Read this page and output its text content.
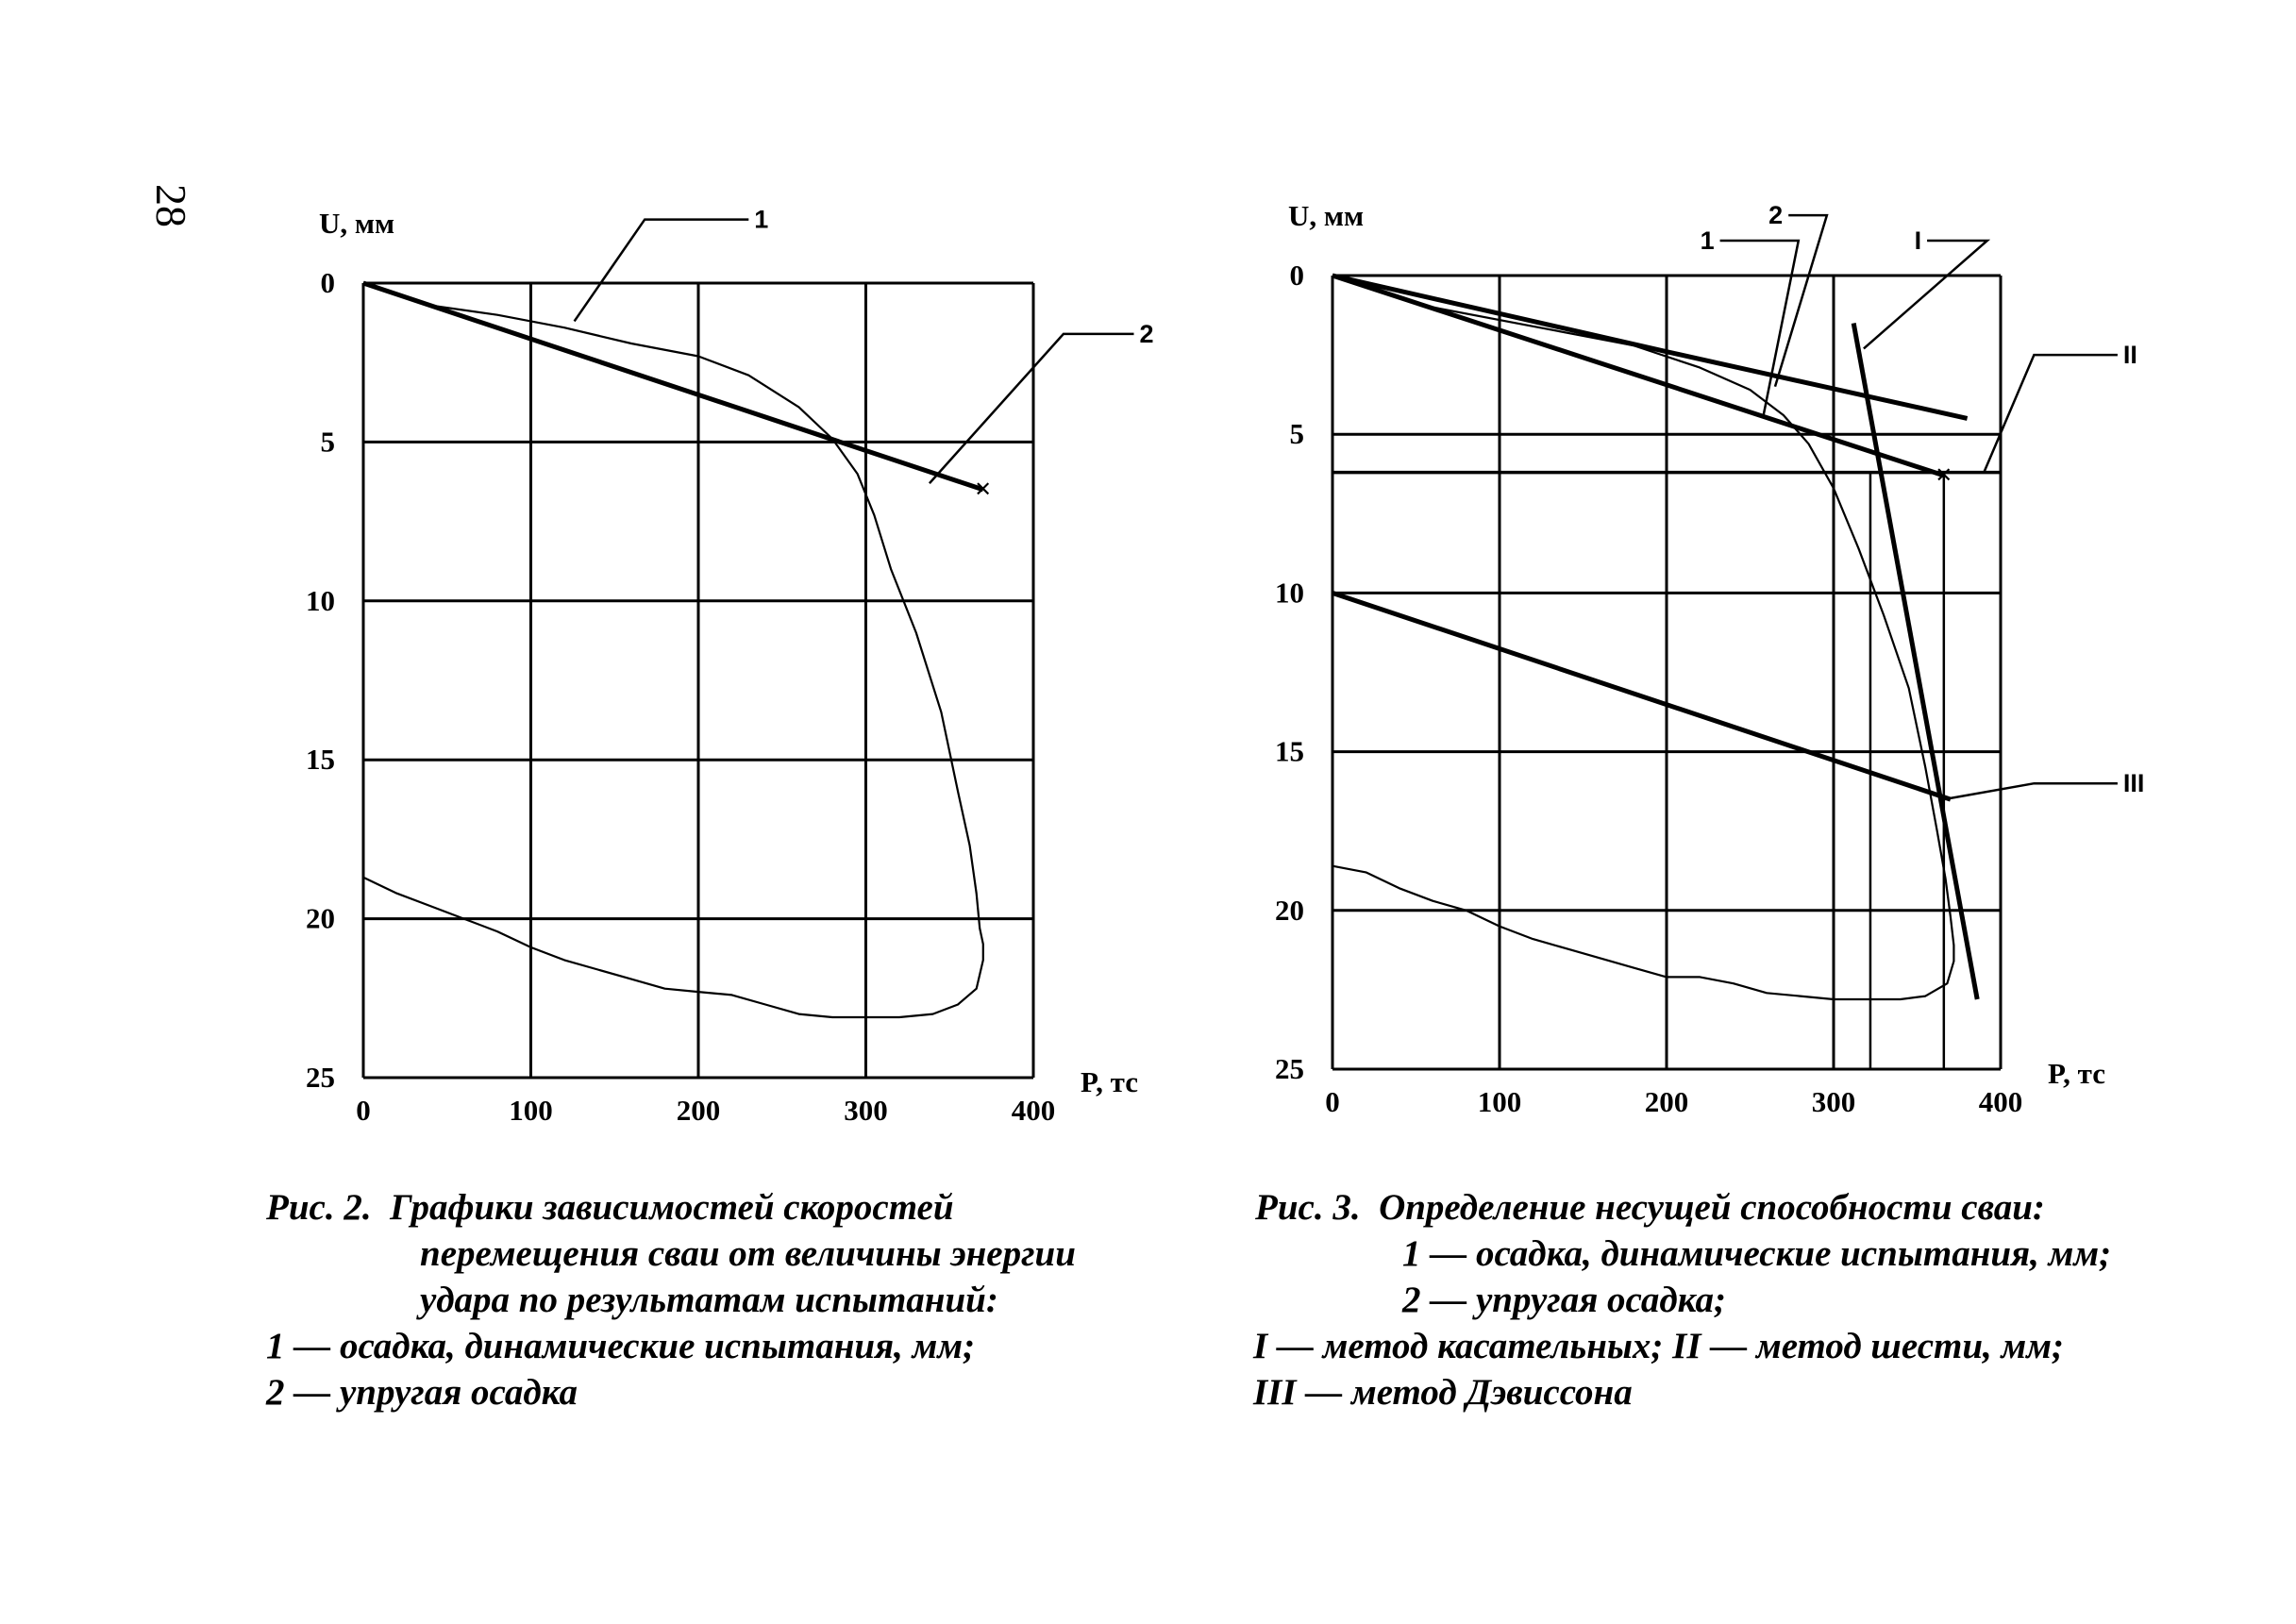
28
0	100	200	300	400
0
5
10
15
20
25
U, мм
P, тс
×
1
2
0	100	200	300	400
0
5
10
15
20
25
U, мм
P, тс
×
2
1	I
II
III
Рис. 2. Графики зависимостей скоростей
перемещения сваи от величины энергии
удара по результатам испытаний:
1 — осадка, динамические испытания, мм;
2 — упругая осадка
Рис. 3. Определение несущей способности сваи:
1 — осадка, динамические испытания, мм;
2 — упругая осадка;
I — метод касательных; II — метод шести, мм;
III — метод Дэвиссона
